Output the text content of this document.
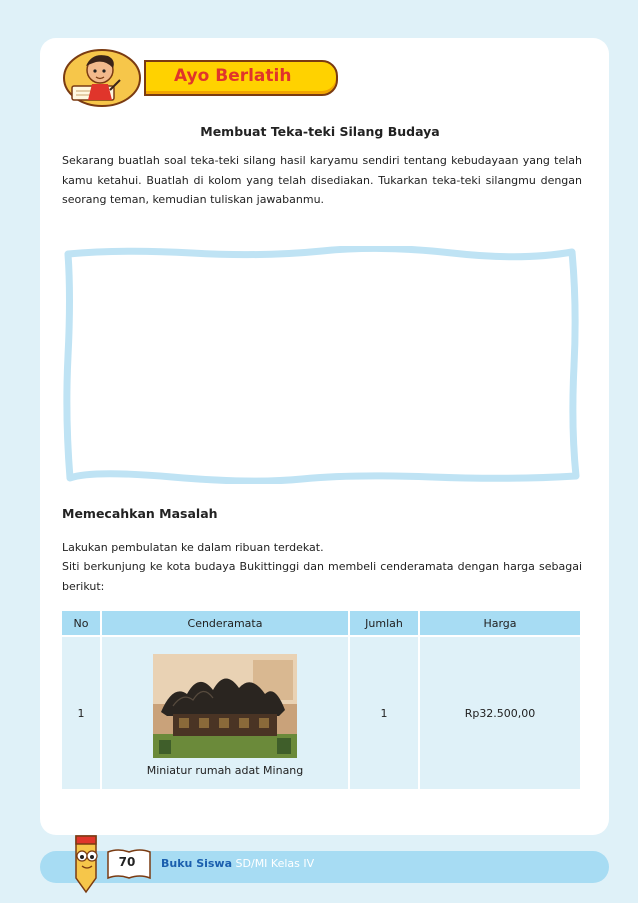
Ayo Berlatih
Membuat Teka-teki Silang Budaya
Sekarang buatlah soal teka-teki silang hasil karyamu sendiri tentang kebudayaan yang telah kamu ketahui. Buatlah di kolom yang telah disediakan. Tukarkan teka-teki silangmu dengan seorang teman, kemudian tuliskan jawabanmu.
Memecahkan Masalah
Lakukan pembulatan ke dalam ribuan terdekat.
Siti berkunjung ke kota budaya Bukittinggi dan membeli cenderamata dengan harga sebagai berikut:
No	Cenderamata	Jumlah	Harga
1	Miniatur rumah adat Minang	1	Rp32.500,00
70	Buku Siswa SD/MI Kelas IV
